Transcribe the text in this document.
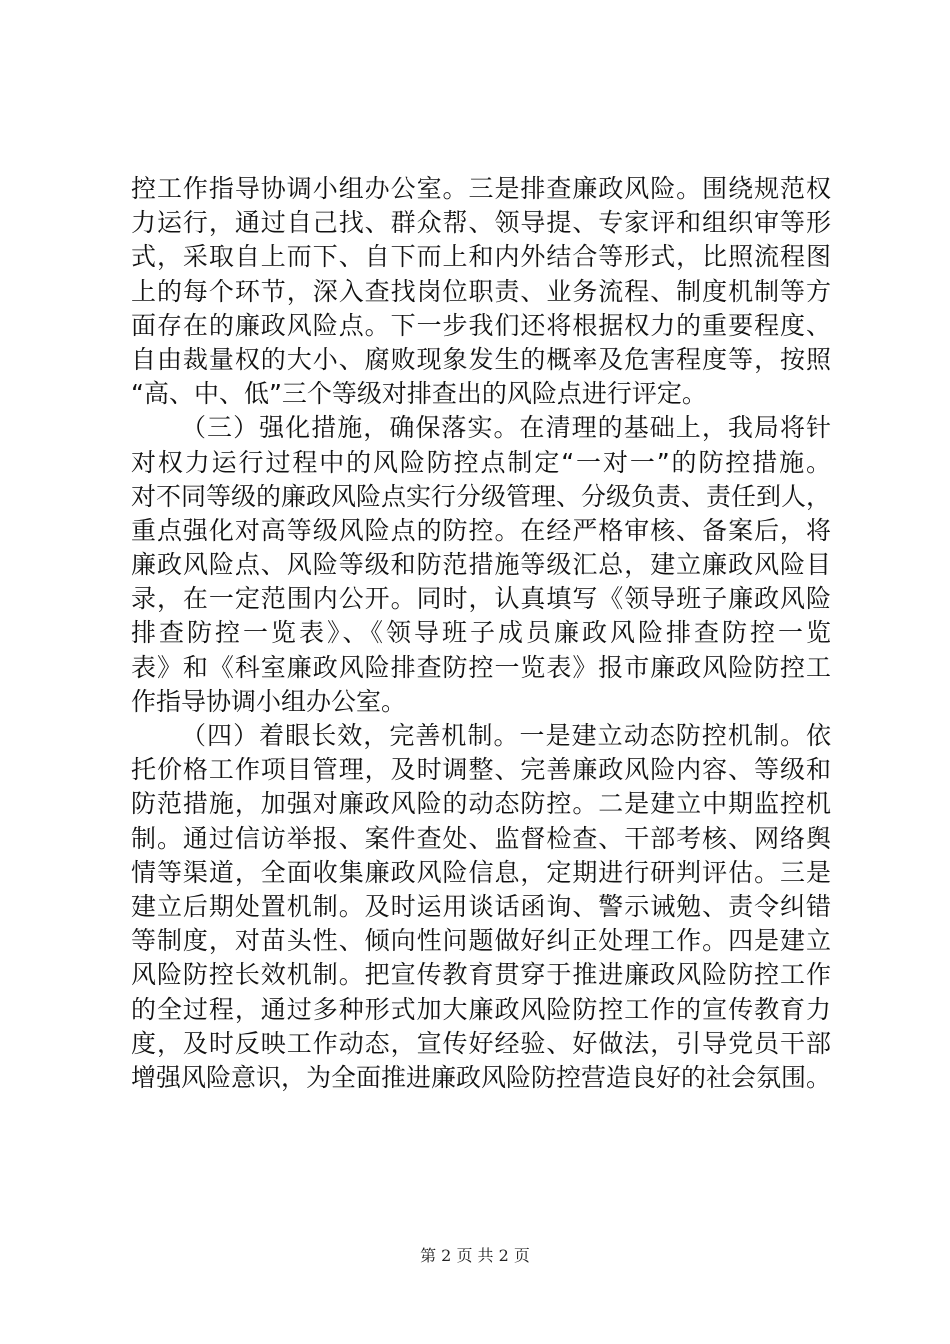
控工作指导协调小组办公室。三是排查廉政风险。围绕规范权
力运行，通过自己找、群众帮、领导提、专家评和组织审等形
式，采取自上而下、自下而上和内外结合等形式，比照流程图
上的每个环节，深入查找岗位职责、业务流程、制度机制等方
面存在的廉政风险点。下一步我们还将根据权力的重要程度、
自由裁量权的大小、腐败现象发生的概率及危害程度等，按照
“高、中、低”三个等级对排查出的风险点进行评定。
（三）强化措施，确保落实。在清理的基础上，我局将针
对权力运行过程中的风险防控点制定“一对一”的防控措施。
对不同等级的廉政风险点实行分级管理、分级负责、责任到人，
重点强化对高等级风险点的防控。在经严格审核、备案后，将
廉政风险点、风险等级和防范措施等级汇总，建立廉政风险目
录，在一定范围内公开。同时，认真填写《领导班子廉政风险
排查防控一览表》、《领导班子成员廉政风险排查防控一览
表》和《科室廉政风险排查防控一览表》报市廉政风险防控工
作指导协调小组办公室。
（四）着眼长效，完善机制。一是建立动态防控机制。依
托价格工作项目管理，及时调整、完善廉政风险内容、等级和
防范措施，加强对廉政风险的动态防控。二是建立中期监控机
制。通过信访举报、案件查处、监督检查、干部考核、网络舆
情等渠道，全面收集廉政风险信息，定期进行研判评估。三是
建立后期处置机制。及时运用谈话函询、警示诫勉、责令纠错
等制度，对苗头性、倾向性问题做好纠正处理工作。四是建立
风险防控长效机制。把宣传教育贯穿于推进廉政风险防控工作
的全过程，通过多种形式加大廉政风险防控工作的宣传教育力
度，及时反映工作动态，宣传好经验、好做法，引导党员干部
增强风险意识，为全面推进廉政风险防控营造良好的社会氛围。
第 2 页 共 2 页
